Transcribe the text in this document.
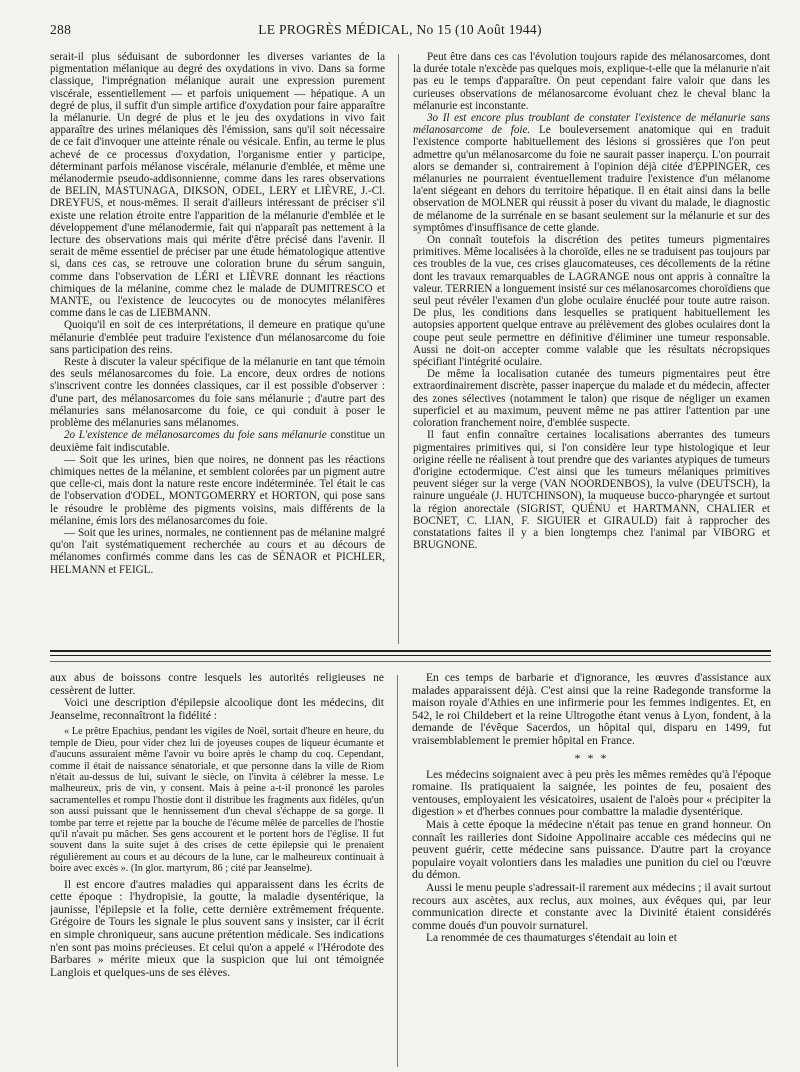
288	LE PROGRÈS MÉDICAL, No 15 (10 Août 1944)

serait-il plus séduisant de subordonner les diverses variantes de la pigmentation mélanique au degré des oxydations in vivo. Dans sa forme classique, l'imprégnation mélanique aurait une expression purement viscérale, essentiellement — et parfois uniquement — hépatique. A un degré de plus, il suffit d'un simple artifice d'oxydation pour faire apparaître la mélanurie. Un degré de plus et le jeu des oxydations in vivo fait apparaître des urines mélaniques dès l'émission, sans qu'il soit nécessaire de ce fait d'invoquer une atteinte rénale ou vésicale. Enfin, au terme le plus achevé de ce processus d'oxydation, l'organisme entier y participe, déterminant parfois mélanose viscérale, mélanurie d'emblée, et même une mélanodermie pseudo-addisonnienne, comme dans les rares observations de BELIN, MASTUNAGA, DIKSON, ODEL, LERY et LIÈVRE, J.-Cl. DREYFUS, et nous-mêmes. Il serait d'ailleurs intéressant de préciser s'il existe une relation étroite entre l'apparition de la mélanurie d'emblée et le développement d'une mélanodermie, fait qui n'apparaît pas nettement à la lecture des observations mais qui mérite d'être précisé dans l'avenir. Il serait de même essentiel de préciser par une étude hématologique attentive si, dans ces cas, se retrouve une coloration brune du sérum sanguin, comme dans l'observation de LÉRI et LIÈVRE donnant les réactions chimiques de la mélanine, comme chez le malade de DUMITRESCO et MANTE, ou l'existence de leucocytes ou de monocytes mélanifères comme dans le cas de LIEBMANN.

Quoiqu'il en soit de ces interprétations, il demeure en pratique qu'une mélanurie d'emblée peut traduire l'existence d'un mélanosarcome du foie sans participation des reins.

Reste à discuter la valeur spécifique de la mélanurie en tant que témoin des seuls mélanosarcomes du foie. La encore, deux ordres de notions s'inscrivent contre les données classiques, car il est possible d'observer : d'une part, des mélanosarcomes du foie sans mélanurie ; d'autre part des mélanuries sans mélanosarcome du foie, ce qui conduit à poser le problème des mélanuries sans mélanomes.

2o L'existence de mélanosarcomes du foie sans mélanurie constitue un deuxième fait indiscutable.

— Soit que les urines, bien que noires, ne donnent pas les réactions chimiques nettes de la mélanine, et semblent colorées par un pigment autre que celle-ci, mais dont la nature reste encore indéterminée. Tel était le cas de l'observation d'ODEL, MONTGOMERRY et HORTON, qui pose sans le résoudre le problème des pigments voisins, mais différents de la mélanine, émis lors des mélanosarcomes du foie.

— Soit que les urines, normales, ne contiennent pas de mélanine malgré qu'on l'ait systématiquement recherchée au cours et au décours de mélanomes confirmés comme dans les cas de SÉNAOR et PICHLER, HELMANN et FEIGL.

Peut être dans ces cas l'évolution toujours rapide des mélanosarcomes, dont la durée totale n'excède pas quelques mois, explique-t-elle que la mélanurie n'ait pas eu le temps d'apparaître. On peut cependant faire valoir que dans les curieuses observations de mélanosarcome évoluant chez le cheval blanc la mélanurie est inconstante.

3o Il est encore plus troublant de constater l'existence de mélanurie sans mélanosarcome de foie. Le bouleversement anatomique qui en traduit l'existence comporte habituellement des lésions si grossières que l'on peut admettre qu'un mélanosarcome du foie ne saurait passer inaperçu. L'on pourrait alors se demander si, contrairement à l'opinion déjà citée d'EPPINGER, ces mélanuries ne pourraient éventuellement traduire l'existence d'un mélanome la'ent siégeant en dehors du territoire hépatique. Il en était ainsi dans la belle observation de MOLNER qui réussit à poser du vivant du malade, le diagnostic de mélanome de la surrénale en se basant seulement sur la mélanurie et sur des symptômes d'insuffisance de cette glande.

On connaît toutefois la discrétion des petites tumeurs pigmentaires primitives. Même localisées à la choroïde, elles ne se traduisent pas toujours par ces troubles de la vue, ces crises glaucomateuses, ces décollements de la rétine dont les travaux remarquables de LAGRANGE nous ont appris à connaître la valeur. TERRIEN a longuement insisté sur ces mélanosarcomes choroïdiens que seul peut révéler l'examen d'un globe oculaire énucléé pour toute autre raison. De plus, les conditions dans lesquelles se pratiquent habituellement les autopsies apportent quelque entrave au prélèvement des globes oculaires dont la coupe peut seule permettre en définitive d'éliminer une tumeur responsable. Aussi ne doit-on accepter comme valable que les résultats nécropsiques spécifiant l'intégrité oculaire.

De même la localisation cutanée des tumeurs pigmentaires peut être extraordinairement discrète, passer inaperçue du malade et du médecin, affecter des zones sélectives (notamment le talon) que risque de négliger un examen superficiel et au maximum, peuvent même ne pas attirer l'attention par une coloration franchement noire, d'emblée suspecte.

Il faut enfin connaître certaines localisations aberrantes des tumeurs pigmentaires primitives qui, si l'on considère leur type histologique et leur origine réelle ne réalisent à tout prendre que des variantes atypiques de tumeurs d'origine ectodermique. C'est ainsi que les tumeurs mélaniques primitives peuvent siéger sur la verge (VAN NOORDENBOS), la vulve (DEUTSCH), la rainure unguéale (J. HUTCHINSON), la muqueuse bucco-pharyngée et surtout la région anorectale (SIGRIST, QUÉNU et HARTMANN, CHALIER et BOCNET, C. LIAN, F. SIGUIER et GIRAULD) fait à rapprocher des constatations faites il y a bien longtemps chez l'animal par VIBORG et BRUGNONE.

aux abus de boissons contre lesquels les autorités religieuses ne cessèrent de lutter.

Voici une description d'épilepsie alcoolique dont les médecins, dit Jeanselme, reconnaîtront la fidélité :

« Le prêtre Epachius, pendant les vigiles de Noël, sortait d'heure en heure, du temple de Dieu, pour vider chez lui de joyeuses coupes de liqueur écumante et d'aucuns assuraient même l'avoir vu boire après le champ du coq. Cependant, comme il était de naissance sénatoriale, et que personne dans la ville de Riom n'était au-dessus de lui, suivant le siècle, on l'invita à célébrer la messe. Le malheureux, pris de vin, y consent. Mais à peine a-t-il prononcé les paroles sacramentelles et rompu l'hostie dont il distribue les fragments aux fidèles, qu'un son aussi puissant que le hennissement d'un cheval s'échappe de sa gorge. Il tombe par terre et rejette par la bouche de l'écume mêlée de parcelles de l'hostie qu'il n'avait pu mâcher. Ses gens accourent et le portent hors de l'église. Il fut souvent dans la suite sujet à des crises de cette épilepsie qui le prenaient régulièrement au cours et au décours de la lune, car le malheureux continuait à boire avec excès ». (In glor. martyrum, 86 ; cité par Jeanselme).

Il est encore d'autres maladies qui apparaissent dans les écrits de cette époque : l'hydropisie, la goutte, la maladie dysentérique, la jaunisse, l'épilepsie et la folie, cette dernière extrêmement fréquente. Grégoire de Tours les signale le plus souvent sans y insister, car il écrit en simple chroniqueur, sans aucune prétention médicale. Ses indications n'en sont pas moins précieuses. Et celui qu'on a appelé « l'Hérodote des Barbares » mérite mieux que la suspicion que lui ont témoignée Langlois et quelques-uns de ses élèves.

En ces temps de barbarie et d'ignorance, les œuvres d'assistance aux malades apparaissent déjà. C'est ainsi que la reine Radegonde transforme la maison royale d'Athies en une infirmerie pour les femmes indigentes. Et, en 542, le roi Childebert et la reine Ultrogothe étant venus à Lyon, fondent, à la demande de l'évêque Sacerdos, un hôpital qui, disparu en 1499, fut vraisemblablement le premier hôpital en France.

* * *

Les médecins soignaient avec à peu près les mêmes remèdes qu'à l'époque romaine. Ils pratiquaient la saignée, les pointes de feu, posaient des ventouses, employaient les vésicatoires, usaient de l'aloès pour « précipiter la digestion » et d'herbes connues pour combattre la maladie dysentérique.

Mais à cette époque la médecine n'était pas tenue en grand honneur. On connaît les railleries dont Sidoine Appolinaire accable ces médecins qui ne peuvent guérir, cette médecine sans puissance. D'autre part la croyance populaire voyait volontiers dans les maladies une punition du ciel ou l'œuvre du démon.

Aussi le menu peuple s'adressait-il rarement aux médecins ; il avait surtout recours aux ascètes, aux reclus, aux moines, aux évêques qui, par leur communication directe et constante avec la Divinité étaient considérés comme doués d'un pouvoir surnaturel.

La renommée de ces thaumaturges s'étendait au loin et
